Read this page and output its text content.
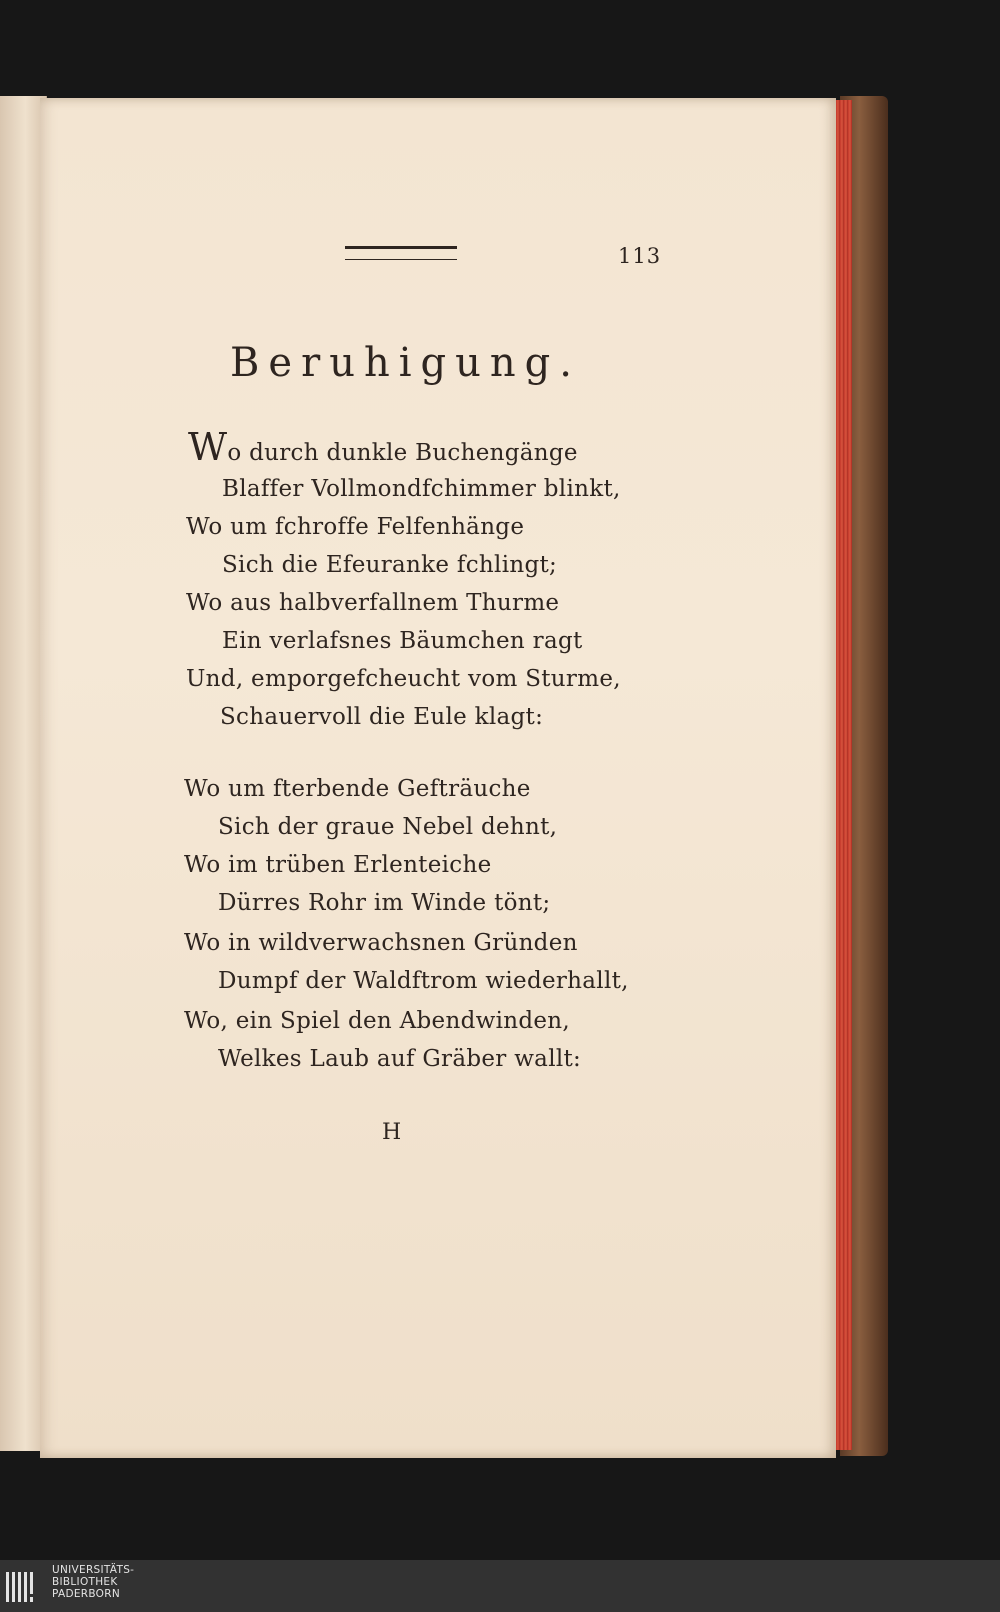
113
Beruhigung.
Wo durch dunkle Buchengänge
Blaffer Vollmondfchimmer blinkt,
Wo um fchroffe Felfenhänge
Sich die Efeuranke fchlingt;
Wo aus halbverfallnem Thurme
Ein verlafsnes Bäumchen ragt
Und, emporgefcheucht vom Sturme,
Schauervoll die Eule klagt:
Wo um fterbende Gefträuche
Sich der graue Nebel dehnt,
Wo im trüben Erlenteiche
Dürres Rohr im Winde tönt;
Wo in wildverwachsnen Gründen
Dumpf der Waldftrom wiederhallt,
Wo, ein Spiel den Abendwinden,
Welkes Laub auf Gräber wallt:
H
UNIVERSITÄTS-
BIBLIOTHEK
PADERBORN
